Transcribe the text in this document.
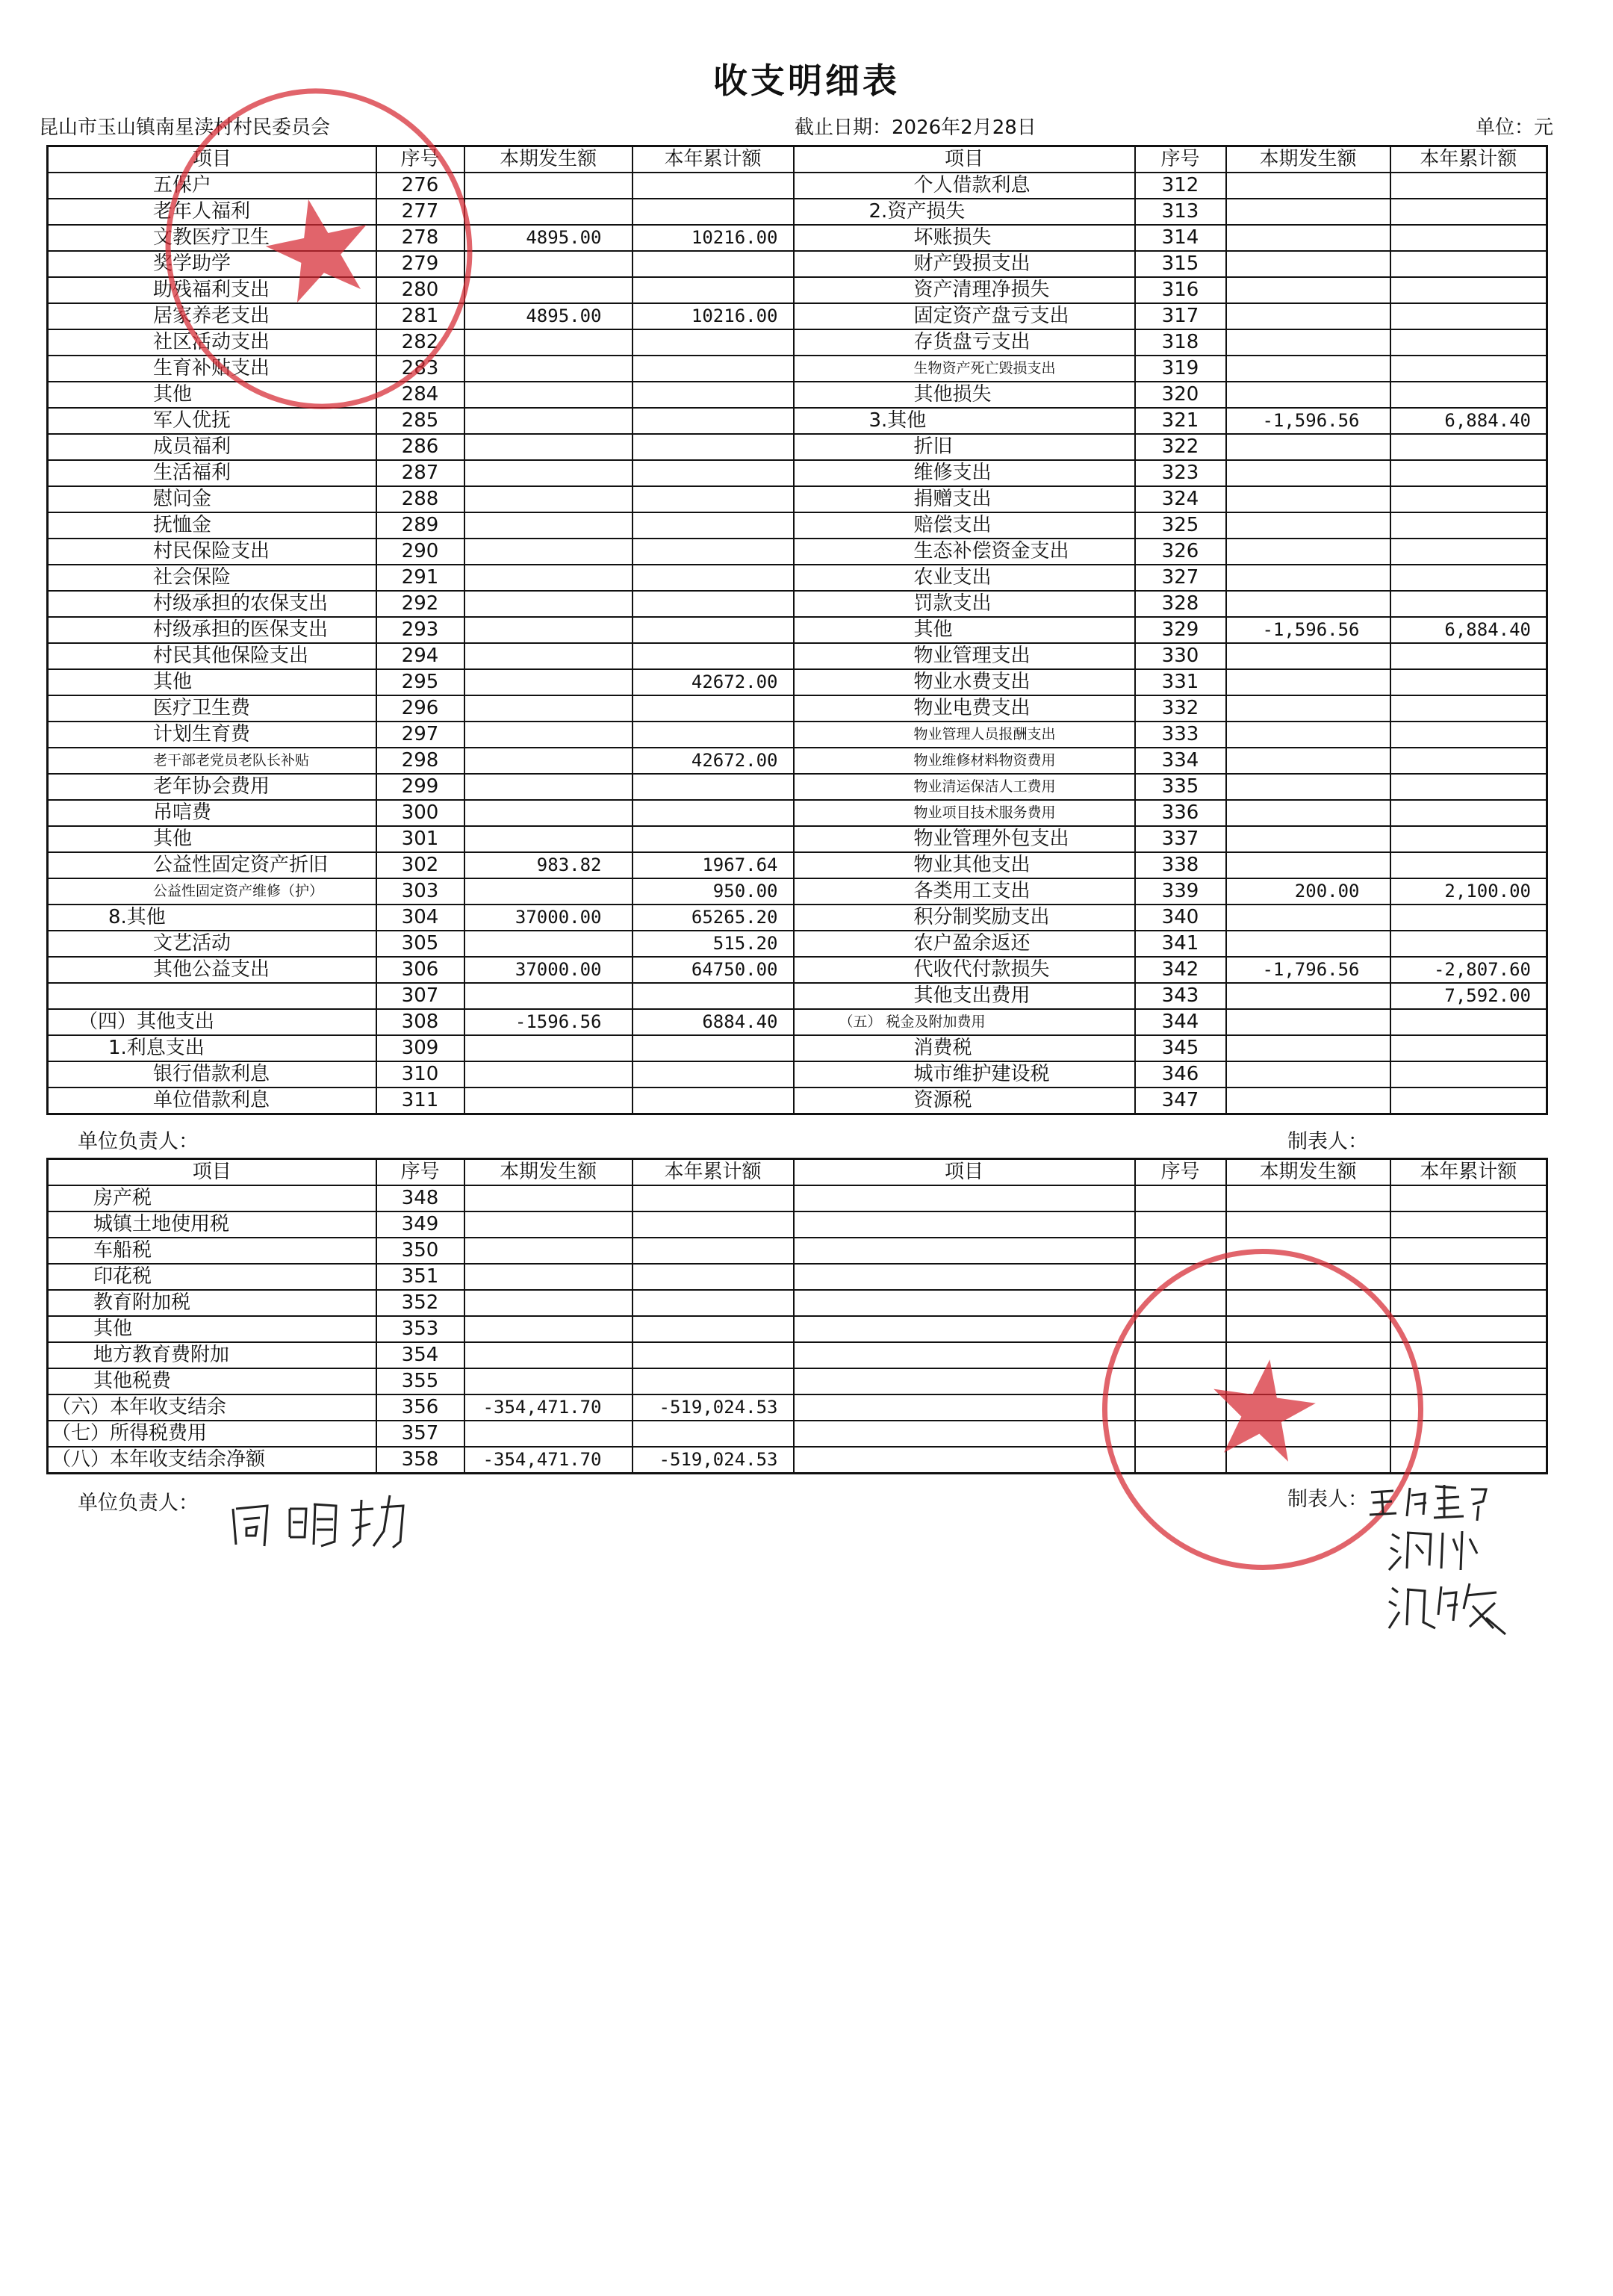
收支明细表
昆山市玉山镇南星渎村村民委员会	截止日期：2026年2月28日	单位：元
项目	序号	本期发生额	本年累计额	项目	序号	本期发生额	本年累计额
五保户	276			个人借款利息	312		
老年人福利	277			2.资产损失	313		
文教医疗卫生	278	4895.00	10216.00	坏账损失	314		
奖学助学	279			财产毁损支出	315		
助残福利支出	280			资产清理净损失	316		
居家养老支出	281	4895.00	10216.00	固定资产盘亏支出	317		
社区活动支出	282			存货盘亏支出	318		
生育补贴支出	283			生物资产死亡毁损支出	319		
其他	284			其他损失	320		
军人优抚	285			3.其他	321	-1,596.56	6,884.40
成员福利	286			折旧	322		
生活福利	287			维修支出	323		
慰问金	288			捐赠支出	324		
抚恤金	289			赔偿支出	325		
村民保险支出	290			生态补偿资金支出	326		
社会保险	291			农业支出	327		
村级承担的农保支出	292			罚款支出	328		
村级承担的医保支出	293			其他	329	-1,596.56	6,884.40
村民其他保险支出	294			物业管理支出	330		
其他	295		42672.00	物业水费支出	331		
医疗卫生费	296			物业电费支出	332		
计划生育费	297			物业管理人员报酬支出	333		
老干部老党员老队长补贴	298		42672.00	物业维修材料物资费用	334		
老年协会费用	299			物业清运保洁人工费用	335		
吊唁费	300			物业项目技术服务费用	336		
其他	301			物业管理外包支出	337		
公益性固定资产折旧	302	983.82	1967.64	物业其他支出	338		
公益性固定资产维修（护）	303		950.00	各类用工支出	339	200.00	2,100.00
8.其他	304	37000.00	65265.20	积分制奖励支出	340		
文艺活动	305		515.20	农户盈余返还	341		
其他公益支出	306	37000.00	64750.00	代收代付款损失	342	-1,796.56	-2,807.60
	307			其他支出费用	343		7,592.00
（四）其他支出	308	-1596.56	6884.40	（五） 税金及附加费用	344		
1.利息支出	309			消费税	345		
银行借款利息	310			城市维护建设税	346		
单位借款利息	311			资源税	347		
单位负责人：	制表人：
项目	序号	本期发生额	本年累计额	项目	序号	本期发生额	本年累计额
房产税	348						
城镇土地使用税	349						
车船税	350						
印花税	351						
教育附加税	352						
其他	353						
地方教育费附加	354						
其他税费	355						
（六）本年收支结余	356	-354,471.70	-519,024.53				
（七）所得税费用	357						
（八）本年收支结余净额	358	-354,471.70	-519,024.53				
单位负责人：	制表人：
